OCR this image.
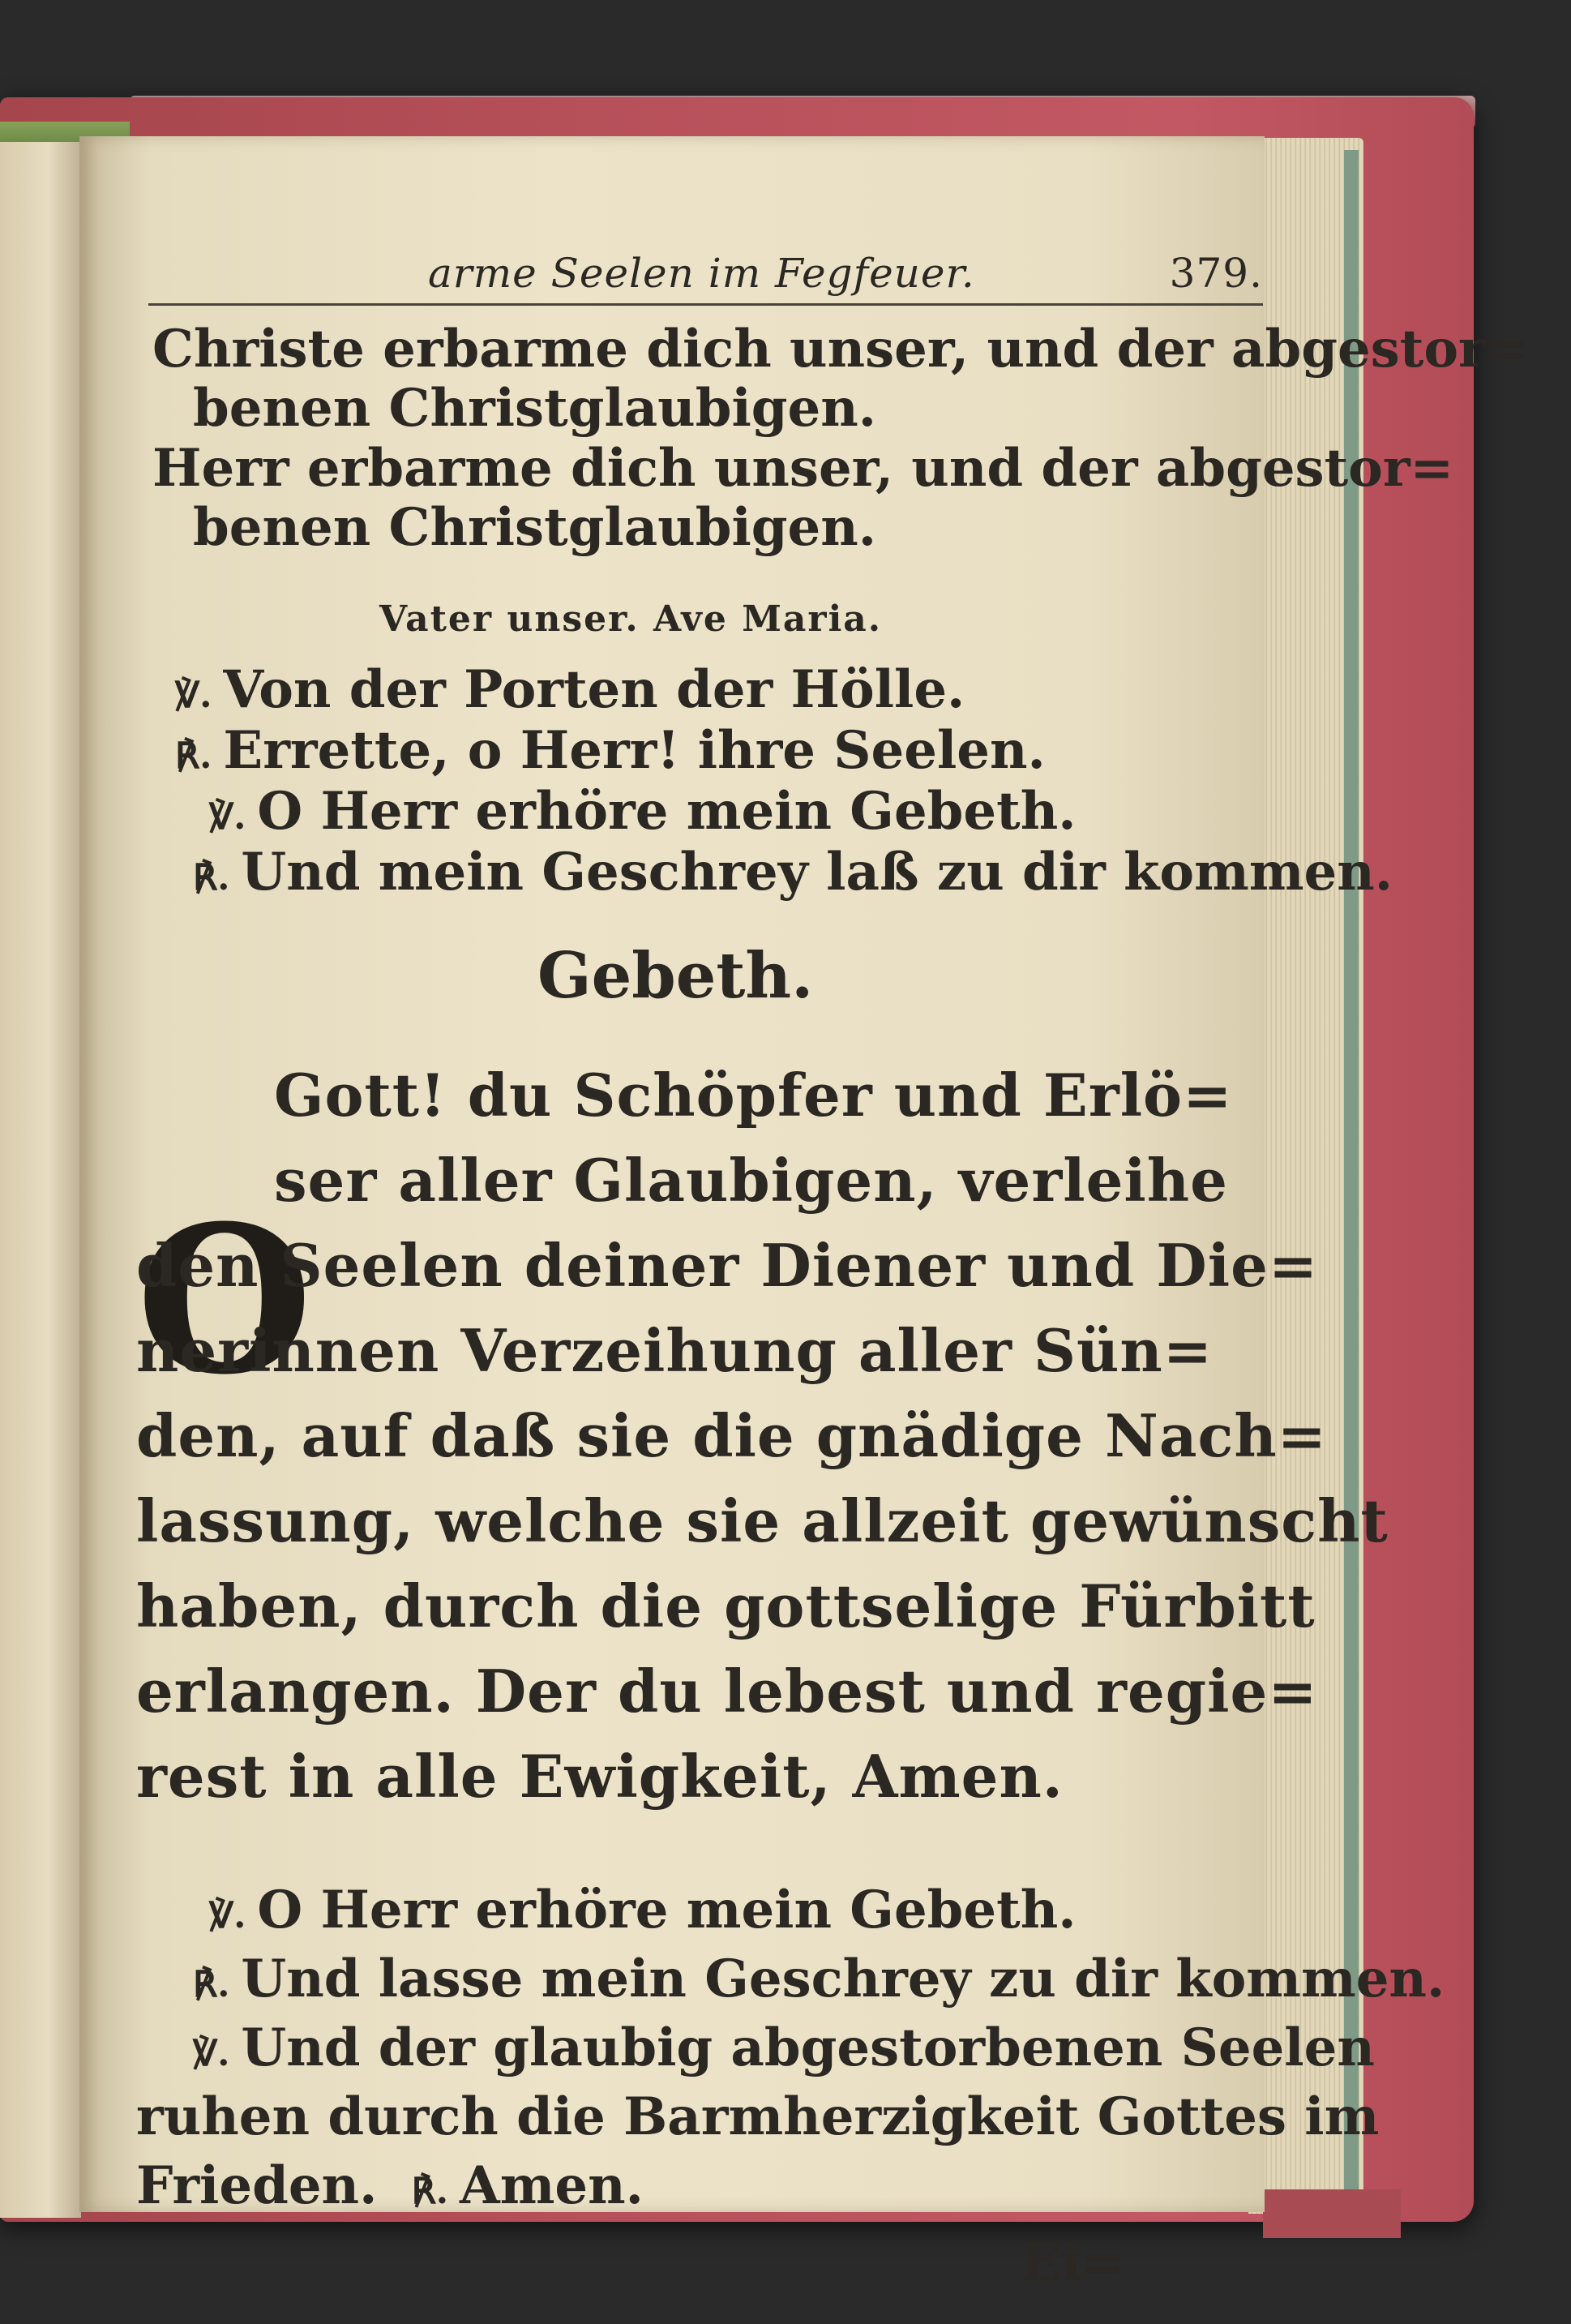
arme Seelen im Fegfeuer.	379.
Christe erbarme dich unser, und der abgestor=
benen Christglaubigen.
Herr erbarme dich unser, und der abgestor=
benen Christglaubigen.
Vater unser. Ave Maria.
℣. Von der Porten der Hölle.
℟. Errette, o Herr! ihre Seelen.
℣. O Herr erhöre mein Gebeth.
℟. Und mein Geschrey laß zu dir kommen.
Gebeth.
O
Gott! du Schöpfer und Erlö=
ser aller Glaubigen, verleihe
den Seelen deiner Diener und Die=
nerinnen Verzeihung aller Sün=
den, auf daß sie die gnädige Nach=
lassung, welche sie allzeit gewünscht
haben, durch die gottselige Fürbitt
erlangen. Der du lebest und regie=
rest in alle Ewigkeit, Amen.
℣. O Herr erhöre mein Gebeth.
℟. Und lasse mein Geschrey zu dir kommen.
℣. Und der glaubig abgestorbenen Seelen
ruhen durch die Barmherzigkeit Gottes im
Frieden. ℟. Amen.
Ei=
